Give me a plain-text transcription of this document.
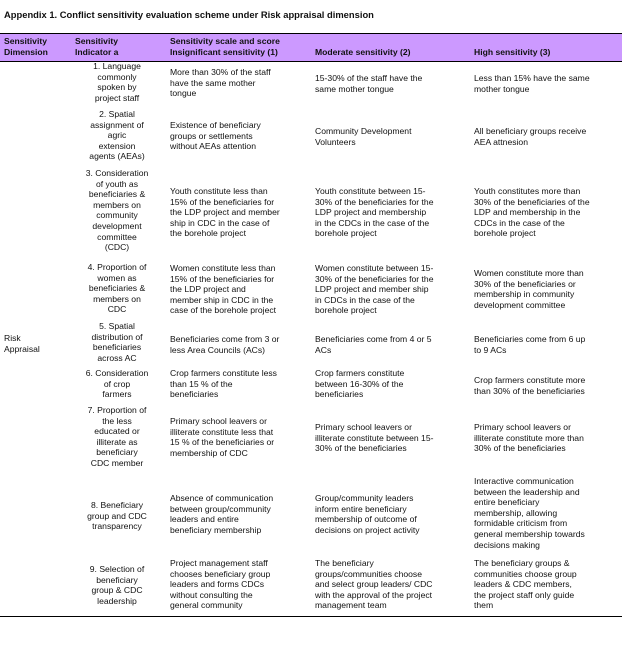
Appendix 1. Conflict sensitivity evaluation scheme under Risk appraisal dimension
Sensitivity
Dimension
Sensitivity
Indicator a
Sensitivity scale and score
Insignificant sensitivity (1)	Moderate sensitivity (2)	High sensitivity (3)
Risk
Appraisal
1. Language
commonly
spoken by
project staff
More than 30% of the staff
have the same mother
tongue
15-30% of the staff have the
same mother tongue
Less than 15% have the same
mother tongue
2. Spatial
assignment of
agric
extension
agents (AEAs)
Existence of beneficiary
groups or settlements
without AEAs attention
Community Development
Volunteers
All beneficiary groups receive
AEA attnesion
3. Consideration
of youth as
beneficiaries &
members on
community
development
committee
(CDC)
Youth constitute less than
15% of the beneficiaries for
the LDP project and member
ship in CDC in the case of
the borehole project
Youth constitute between 15-
30% of the beneficiaries for the
LDP project and membership
in the CDCs in the case of the
borehole project
Youth constitutes more than
30% of the beneficiaries of the
LDP and membership in the
CDCs in the case of the
borehole project
4. Proportion of
women as
beneficiaries &
members on
CDC
Women constitute less than
15% of the beneficiaries for
the LDP project and
member ship in CDC in the
case of the borehole project
Women constitute between 15-
30% of the beneficiaries for the
LDP project and member ship
in CDCs in the case of the
borehole project
Women constitute more than
30% of the beneficiaries or
membership in community
development committee
5. Spatial
distribution of
beneficiaries
across AC
Beneficiaries come from 3 or
less Area Councils (ACs)
Beneficiaries come from 4 or 5
ACs
Beneficiaries come from 6 up
to 9 ACs
6. Consideration
of crop
farmers
Crop farmers constitute less
than 15 % of the
beneficiaries
Crop farmers constitute
between 16-30% of the
beneficiaries
Crop farmers constitute more
than 30% of the beneficiaries
7. Proportion of
the less
educated or
illiterate as
beneficiary
CDC member
Primary school leavers or
illiterate constitute less that
15 % of the beneficiaries or
membership of CDC
Primary school leavers or
illiterate constitute between 15-
30% of the beneficiaries
Primary school leavers or
illiterate constitute more than
30% of the beneficiaries
8. Beneficiary
group and CDC
transparency
Absence of communication
between group/community
leaders and entire
beneficiary membership
Group/community leaders
inform entire beneficiary
membership of outcome of
decisions on project activity
Interactive communication
between the leadership and
entire beneficiary
membership, allowing
formidable criticism from
general membership towards
decisions making
9. Selection of
beneficiary
group & CDC
leadership
Project management staff
chooses beneficiary group
leaders and forms CDCs
without consulting the
general community
The beneficiary
groups/communities choose
and select group leaders/ CDC
with the approval of the project
management team
The beneficiary groups &
communities choose group
leaders & CDC members,
the project staff only guide
them
